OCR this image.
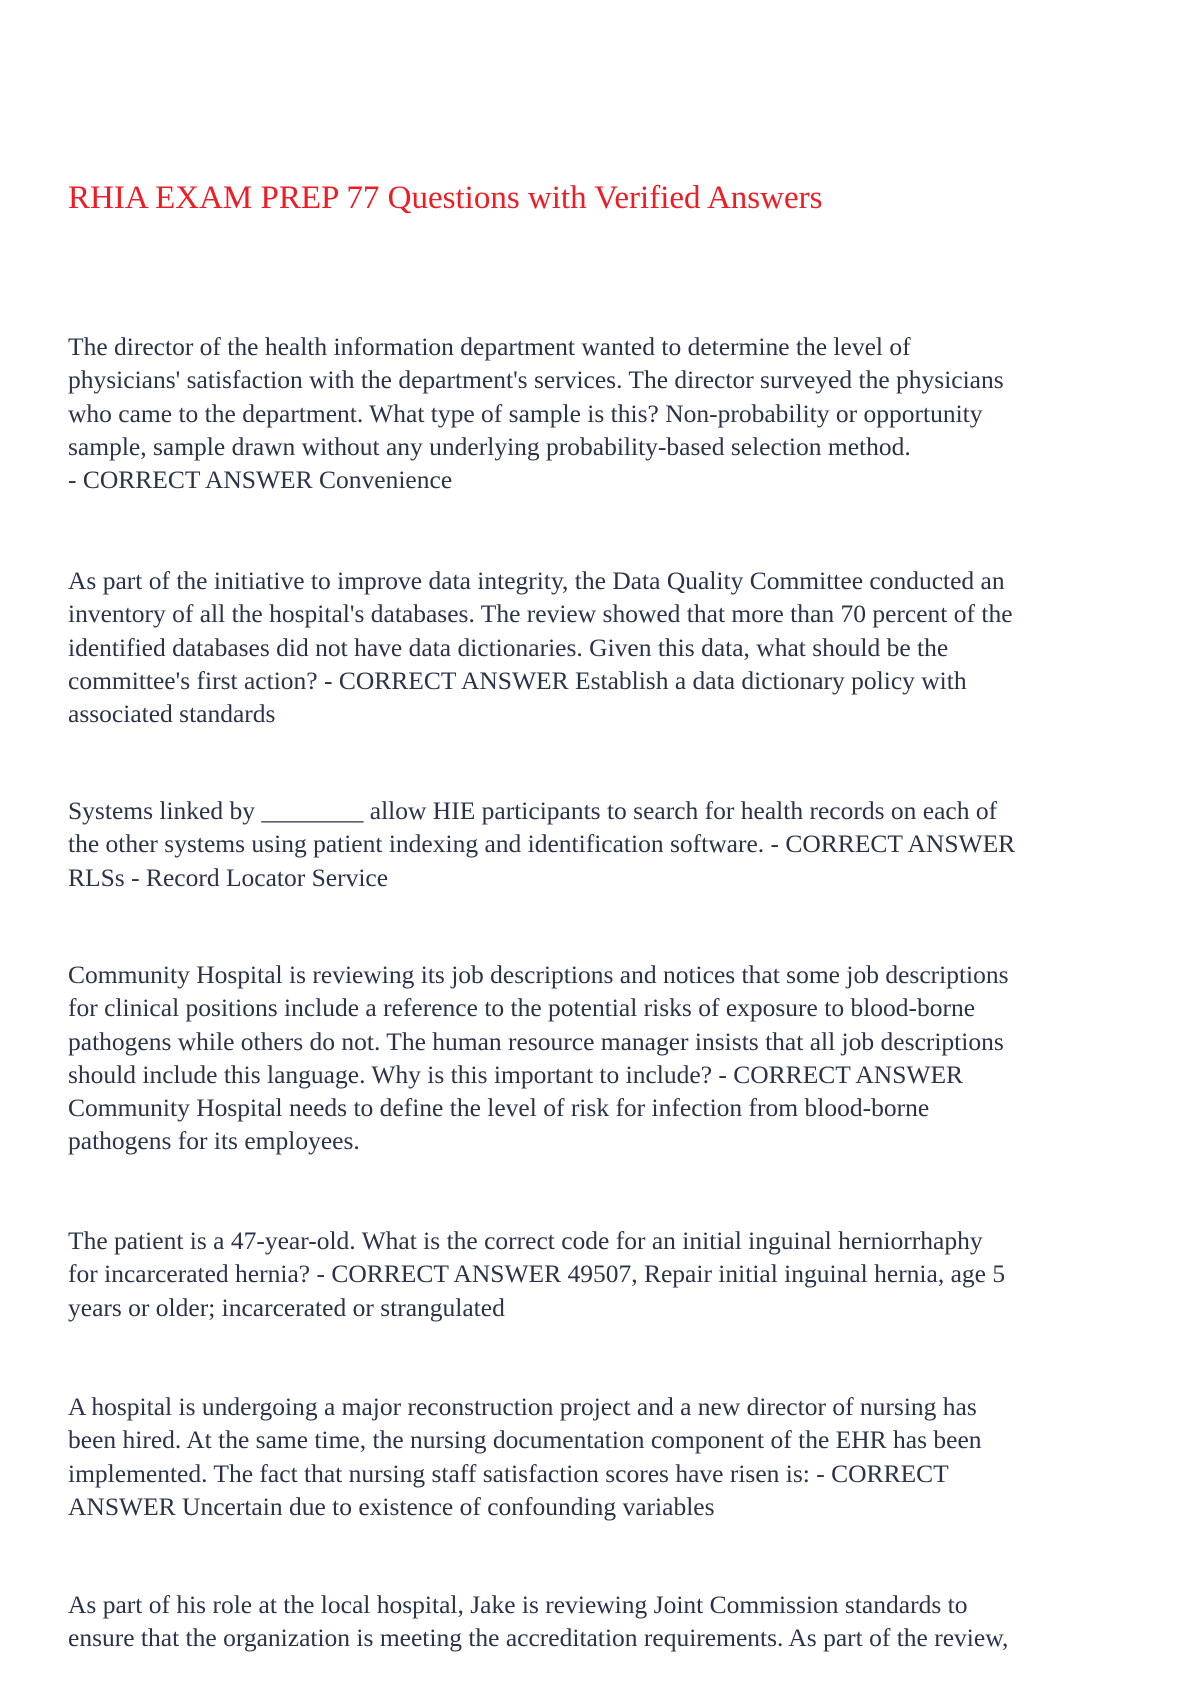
RHIA EXAM PREP 77 Questions with Verified Answers
The director of the health information department wanted to determine the level of
physicians' satisfaction with the department's services. The director surveyed the physicians
who came to the department. What type of sample is this? Non-probability or opportunity
sample, sample drawn without any underlying probability-based selection method.
- CORRECT ANSWER Convenience
As part of the initiative to improve data integrity, the Data Quality Committee conducted an
inventory of all the hospital's databases. The review showed that more than 70 percent of the
identified databases did not have data dictionaries. Given this data, what should be the
committee's first action? - CORRECT ANSWER Establish a data dictionary policy with
associated standards
Systems linked by ________ allow HIE participants to search for health records on each of
the other systems using patient indexing and identification software. - CORRECT ANSWER
RLSs - Record Locator Service
Community Hospital is reviewing its job descriptions and notices that some job descriptions
for clinical positions include a reference to the potential risks of exposure to blood-borne
pathogens while others do not. The human resource manager insists that all job descriptions
should include this language. Why is this important to include? - CORRECT ANSWER
Community Hospital needs to define the level of risk for infection from blood-borne
pathogens for its employees.
The patient is a 47-year-old. What is the correct code for an initial inguinal herniorrhaphy
for incarcerated hernia? - CORRECT ANSWER 49507, Repair initial inguinal hernia, age 5
years or older; incarcerated or strangulated
A hospital is undergoing a major reconstruction project and a new director of nursing has
been hired. At the same time, the nursing documentation component of the EHR has been
implemented. The fact that nursing staff satisfaction scores have risen is: - CORRECT
ANSWER Uncertain due to existence of confounding variables
As part of his role at the local hospital, Jake is reviewing Joint Commission standards to
ensure that the organization is meeting the accreditation requirements. As part of the review,
